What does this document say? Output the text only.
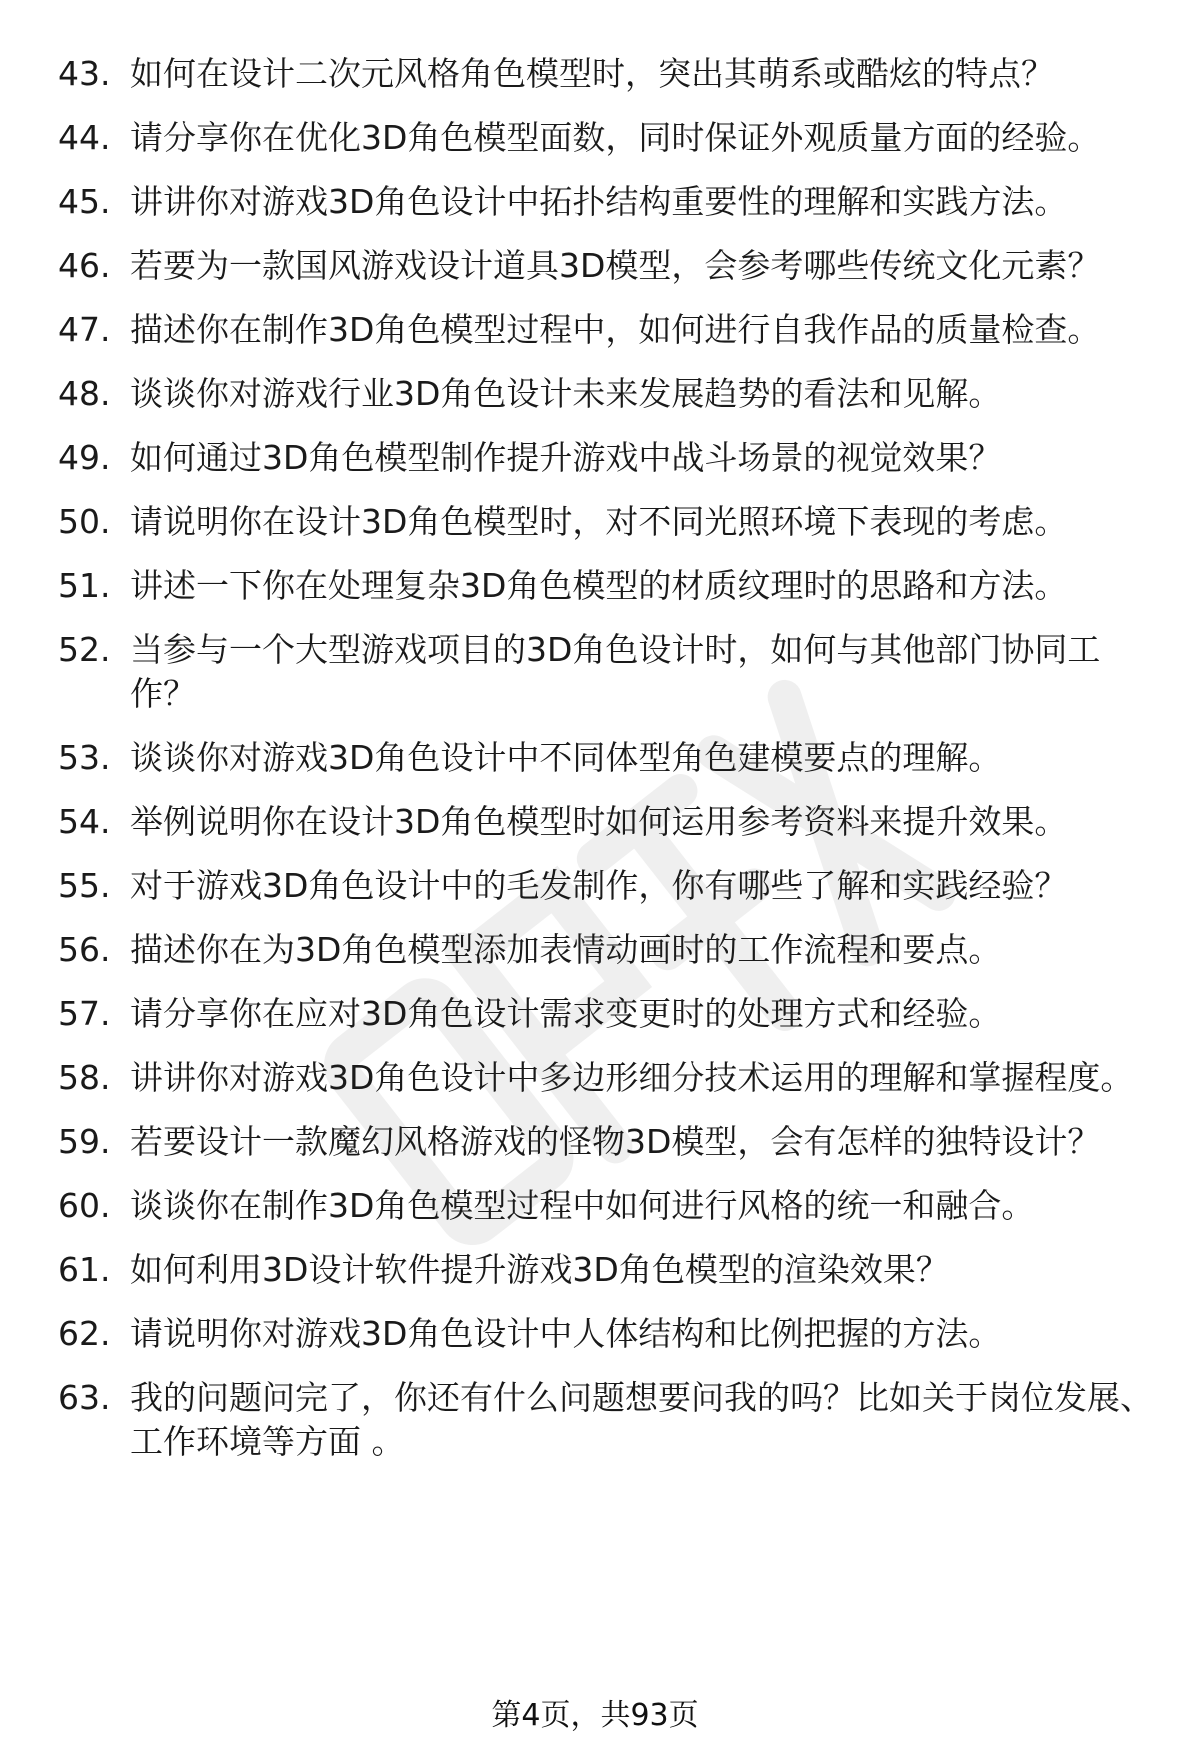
43. 如何在设计二次元风格角色模型时，突出其萌系或酷炫的特点？
44. 请分享你在优化3D角色模型面数，同时保证外观质量方面的经验。
45. 讲讲你对游戏3D角色设计中拓扑结构重要性的理解和实践方法。
46. 若要为一款国风游戏设计道具3D模型，会参考哪些传统文化元素？
47. 描述你在制作3D角色模型过程中，如何进行自我作品的质量检查。
48. 谈谈你对游戏行业3D角色设计未来发展趋势的看法和见解。
49. 如何通过3D角色模型制作提升游戏中战斗场景的视觉效果？
50. 请说明你在设计3D角色模型时，对不同光照环境下表现的考虑。
51. 讲述一下你在处理复杂3D角色模型的材质纹理时的思路和方法。
52. 当参与一个大型游戏项目的3D角色设计时，如何与其他部门协同工作？
53. 谈谈你对游戏3D角色设计中不同体型角色建模要点的理解。
54. 举例说明你在设计3D角色模型时如何运用参考资料来提升效果。
55. 对于游戏3D角色设计中的毛发制作，你有哪些了解和实践经验？
56. 描述你在为3D角色模型添加表情动画时的工作流程和要点。
57. 请分享你在应对3D角色设计需求变更时的处理方式和经验。
58. 讲讲你对游戏3D角色设计中多边形细分技术运用的理解和掌握程度。
59. 若要设计一款魔幻风格游戏的怪物3D模型，会有怎样的独特设计？
60. 谈谈你在制作3D角色模型过程中如何进行风格的统一和融合。
61. 如何利用3D设计软件提升游戏3D角色模型的渲染效果？
62. 请说明你对游戏3D角色设计中人体结构和比例把握的方法。
63. 我的问题问完了，你还有什么问题想要问我的吗？比如关于岗位发展、工作环境等方面 。
第4页，共93页
